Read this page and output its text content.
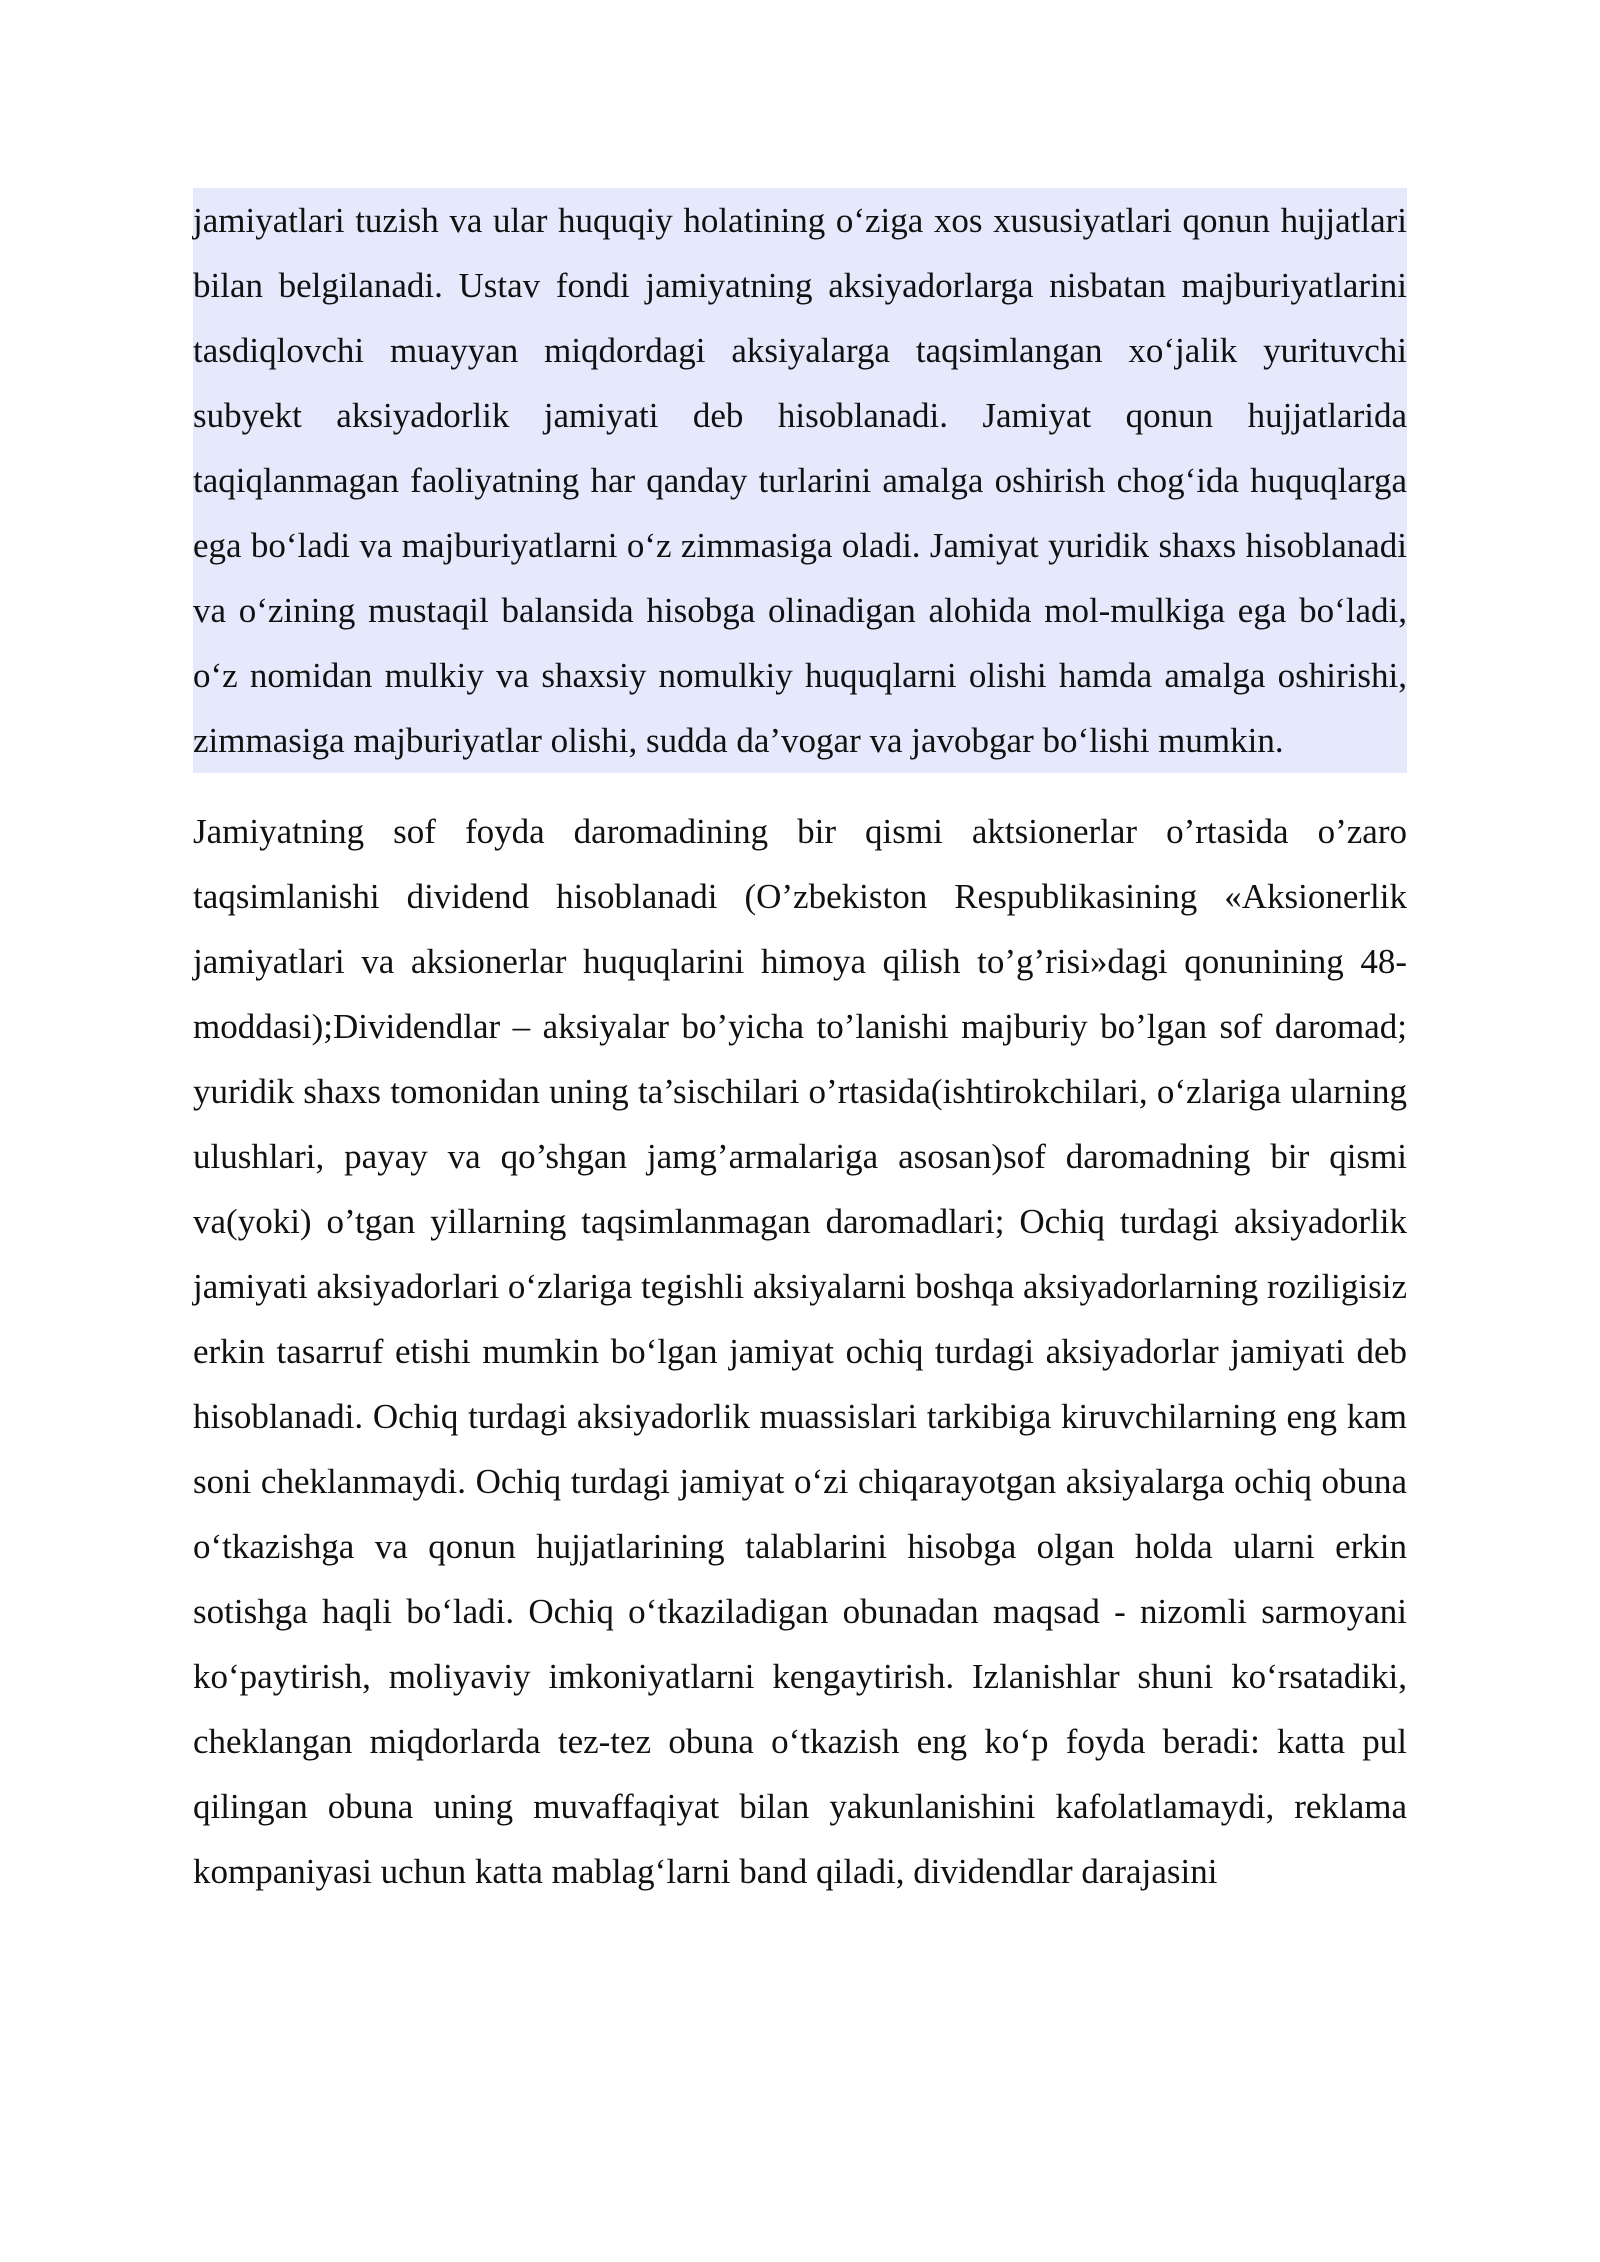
jamiyatlari tuzish va ular huquqiy holatining o‘ziga xos xususiyatlari qonun hujjatlari bilan belgilanadi. Ustav fondi jamiyatning aksiyadorlarga nisbatan majburiyatlarini tasdiqlovchi muayyan miqdordagi aksiyalarga taqsimlangan xo‘jalik yurituvchi subyekt aksiyadorlik jamiyati deb hisoblanadi. Jamiyat qonun hujjatlarida taqiqlanmagan faoliyatning har qanday turlarini amalga oshirish chog‘ida huquqlarga ega bo‘ladi va majburiyatlarni o‘z zimmasiga oladi. Jamiyat yuridik shaxs hisoblanadi va o‘zining mustaqil balansida hisobga olinadigan alohida mol-mulkiga ega bo‘ladi, o‘z nomidan mulkiy va shaxsiy nomulkiy huquqlarni olishi hamda amalga oshirishi, zimmasiga majburiyatlar olishi, sudda da’vogar va javobgar bo‘lishi mumkin.

Jamiyatning sof foyda daromadining bir qismi aktsionerlar o’rtasida o’zaro taqsimlanishi dividend hisoblanadi (O’zbekiston Respublikasining «Aksionerlik jamiyatlari va aksionerlar huquqlarini himoya qilish to’g’risi»dagi qonunining 48- moddasi);Dividendlar – aksiyalar bo’yicha to’lanishi majburiy bo’lgan sof daromad; yuridik shaxs tomonidan uning ta’sischilari o’rtasida(ishtirokchilari, o‘zlariga ularning ulushlari, payay va qo’shgan jamg’armalariga asosan)sof daromadning bir qismi va(yoki) o’tgan yillarning taqsimlanmagan daromadlari; Ochiq turdagi aksiyadorlik jamiyati aksiyadorlari o‘zlariga tegishli aksiyalarni boshqa aksiyadorlarning roziligisiz erkin tasarruf etishi mumkin bo‘lgan jamiyat ochiq turdagi aksiyadorlar jamiyati deb hisoblanadi. Ochiq turdagi aksiyadorlik muassislari tarkibiga kiruvchilarning eng kam soni cheklanmaydi. Ochiq turdagi jamiyat o‘zi chiqarayotgan aksiyalarga ochiq obuna o‘tkazishga va qonun hujjatlarining talablarini hisobga olgan holda ularni erkin sotishga haqli bo‘ladi. Ochiq o‘tkaziladigan obunadan maqsad - nizomli sarmoyani ko‘paytirish, moliyaviy imkoniyatlarni kengaytirish. Izlanishlar shuni ko‘rsatadiki, cheklangan miqdorlarda tez-tez obuna o‘tkazish eng ko‘p foyda beradi: katta pul qilingan obuna uning muvaffaqiyat bilan yakunlanishini kafolatlamaydi, reklama kompaniyasi uchun katta mablag‘larni band qiladi, dividendlar darajasini
